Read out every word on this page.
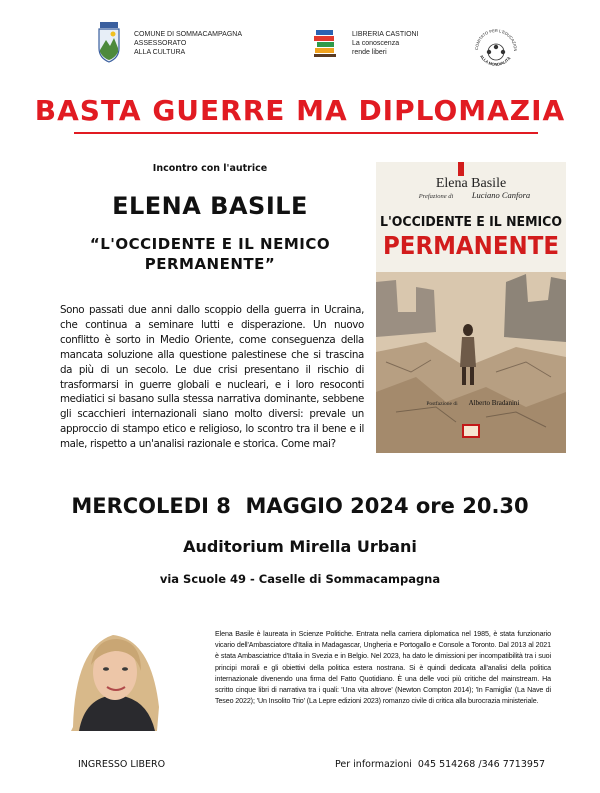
COMUNE DI SOMMACAMPAGNA
ASSESSORATO
ALLA CULTURA
LIBRERIA CASTIONI
La conoscenza
rende liberi
COMITATO PER L'EDUCAZION
ALLA MONDIALITÀ
BASTA GUERRE MA DIPLOMAZIA
Incontro con l'autrice
ELENA BASILE
“L'OCCIDENTE E IL NEMICO
PERMANENTE”
Sono passati due anni dallo scoppio della guerra in Ucraina, che continua a seminare lutti e disperazione. Un nuovo conflitto è sorto in Medio Oriente, come conseguenza della mancata soluzione alla questione palestinese che si trascina da più di un secolo. Le due crisi presentano il rischio di trasformarsi in guerre globali e nucleari, e i loro resoconti mediatici si basano sulla stessa narrativa dominante, sebbene gli scacchieri internazionali siano molto diversi: prevale un approccio di stampo etico e religioso, lo scontro tra il bene e il male, rispetto a un'analisi razionale e storica. Come mai?
Elena Basile
Prefazione di Luciano Canfora
L'OCCIDENTE E IL NEMICO
PERMANENTE
Postfazione di Alberto Bradanini
MERCOLEDI 8  MAGGIO 2024 ore 20.30
Auditorium Mirella Urbani
via Scuole 49 - Caselle di Sommacampagna
Elena Basile è laureata in Scienze Politiche. Entrata nella carriera diplomatica nel 1985, è stata funzionario vicario dell'Ambasciatore d'Italia in Madagascar, Ungheria e Portogallo e Console a Toronto. Dal 2013 al 2021 è stata Ambasciatrice d'Italia in Svezia e in Belgio. Nel 2023, ha dato le dimissioni per incompatibilità tra i suoi principi morali e gli obiettivi della politica estera nostrana. Si è quindi dedicata all'analisi della politica internazionale divenendo una firma del Fatto Quotidiano. È una delle voci più critiche del mainstream. Ha scritto cinque libri di narrativa tra i quali: 'Una vita altrove' (Newton Compton 2014); 'In Famiglia' (La Nave di Teseo 2022); 'Un Insolito Trio' (La Lepre edizioni 2023) romanzo civile di critica alla burocrazia ministeriale.
INGRESSO LIBERO	Per informazioni  045 514268 /346 7713957
